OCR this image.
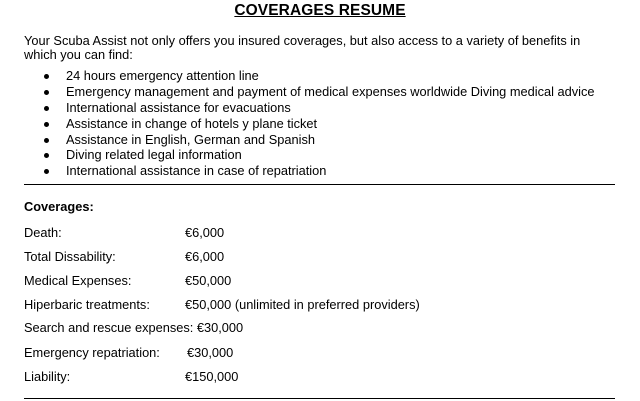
COVERAGES RESUME
Your Scuba Assist not only offers you insured coverages, but also access to a variety of benefits in which you can find:
24 hours emergency attention line
Emergency management and payment of medical expenses worldwide Diving medical advice
International assistance for evacuations
Assistance in change of hotels y plane ticket
Assistance in English, German and Spanish
Diving related legal information
International assistance in case of repatriation
Coverages:
Death:	€6,000
Total Dissability:	€6,000
Medical Expenses:	€50,000
Hiperbaric treatments:	€50,000 (unlimited in preferred providers)
Search and rescue expenses: €30,000
Emergency repatriation: €30,000
Liability:	€150,000
